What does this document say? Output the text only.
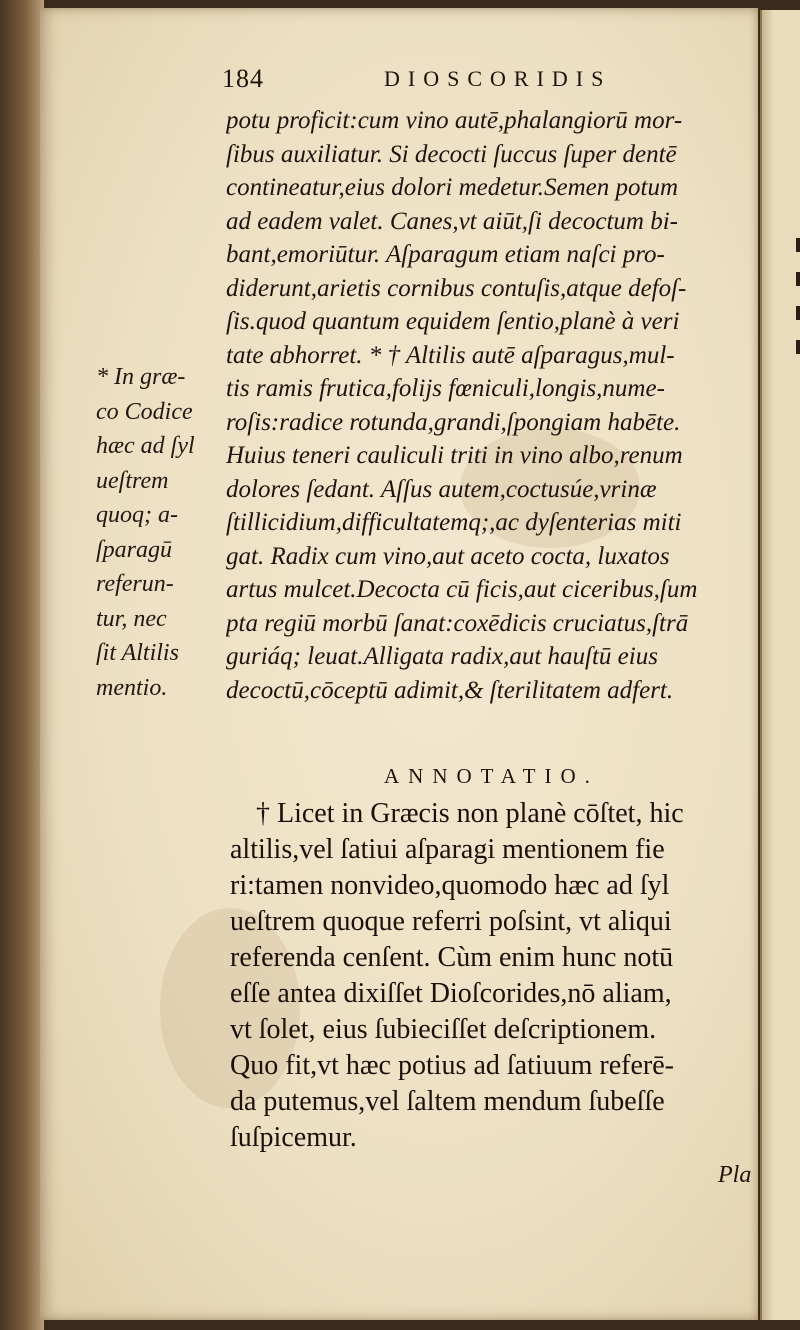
184	DIOSCORIDIS
potu proficit:cum vino autē,phalangiorū mor-
ſibus auxiliatur. Si decocti ſuccus ſuper dentē
contineatur,eius dolori medetur.Semen potum
ad eadem valet. Canes,vt aiūt,ſi decoctum bi-
bant,emoriūtur. Aſparagum etiam naſci pro-
diderunt,arietis cornibus contuſis,atque defoſ-
ſis.quod quantum equidem ſentio,planè à veri
tate abhorret. * † Altilis autē aſparagus,mul-
tis ramis frutica,folijs fœniculi,longis,nume-
roſis:radice rotunda,grandi,ſpongiam habēte.
Huius teneri cauliculi triti in vino albo,renum
dolores ſedant. Aſſus autem,coctusúe,vrinæ
ſtillicidium,difficultatemq;,ac dyſenterias miti
gat. Radix cum vino,aut aceto cocta, luxatos
artus mulcet.Decocta cū ficis,aut ciceribus,ſum
pta regiū morbū ſanat:coxēdicis cruciatus,ſtrā
guriáq; leuat.Alligata radix,aut hauſtū eius
decoctū,cōceptū adimit,& ſterilitatem adfert.
* In græ-
co Codice
hæc ad ſyl
ueſtrem
quoq; a-
ſparagū
referun-
tur, nec
ſit Altilis
mentio.
ANNOTATIO.
† Licet in Græcis non planè cōſtet, hic
altilis,vel ſatiui aſparagi mentionem fie
ri:tamen nonvideo,quomodo hæc ad ſyl
ueſtrem quoque referri poſsint, vt aliqui
referenda cenſent. Cùm enim hunc notū
eſſe antea dixiſſet Dioſcorides,nō aliam,
vt ſolet, eius ſubieciſſet deſcriptionem.
Quo fit,vt hæc potius ad ſatiuum referē-
da putemus,vel ſaltem mendum ſubeſſe
ſuſpicemur.
Pla
